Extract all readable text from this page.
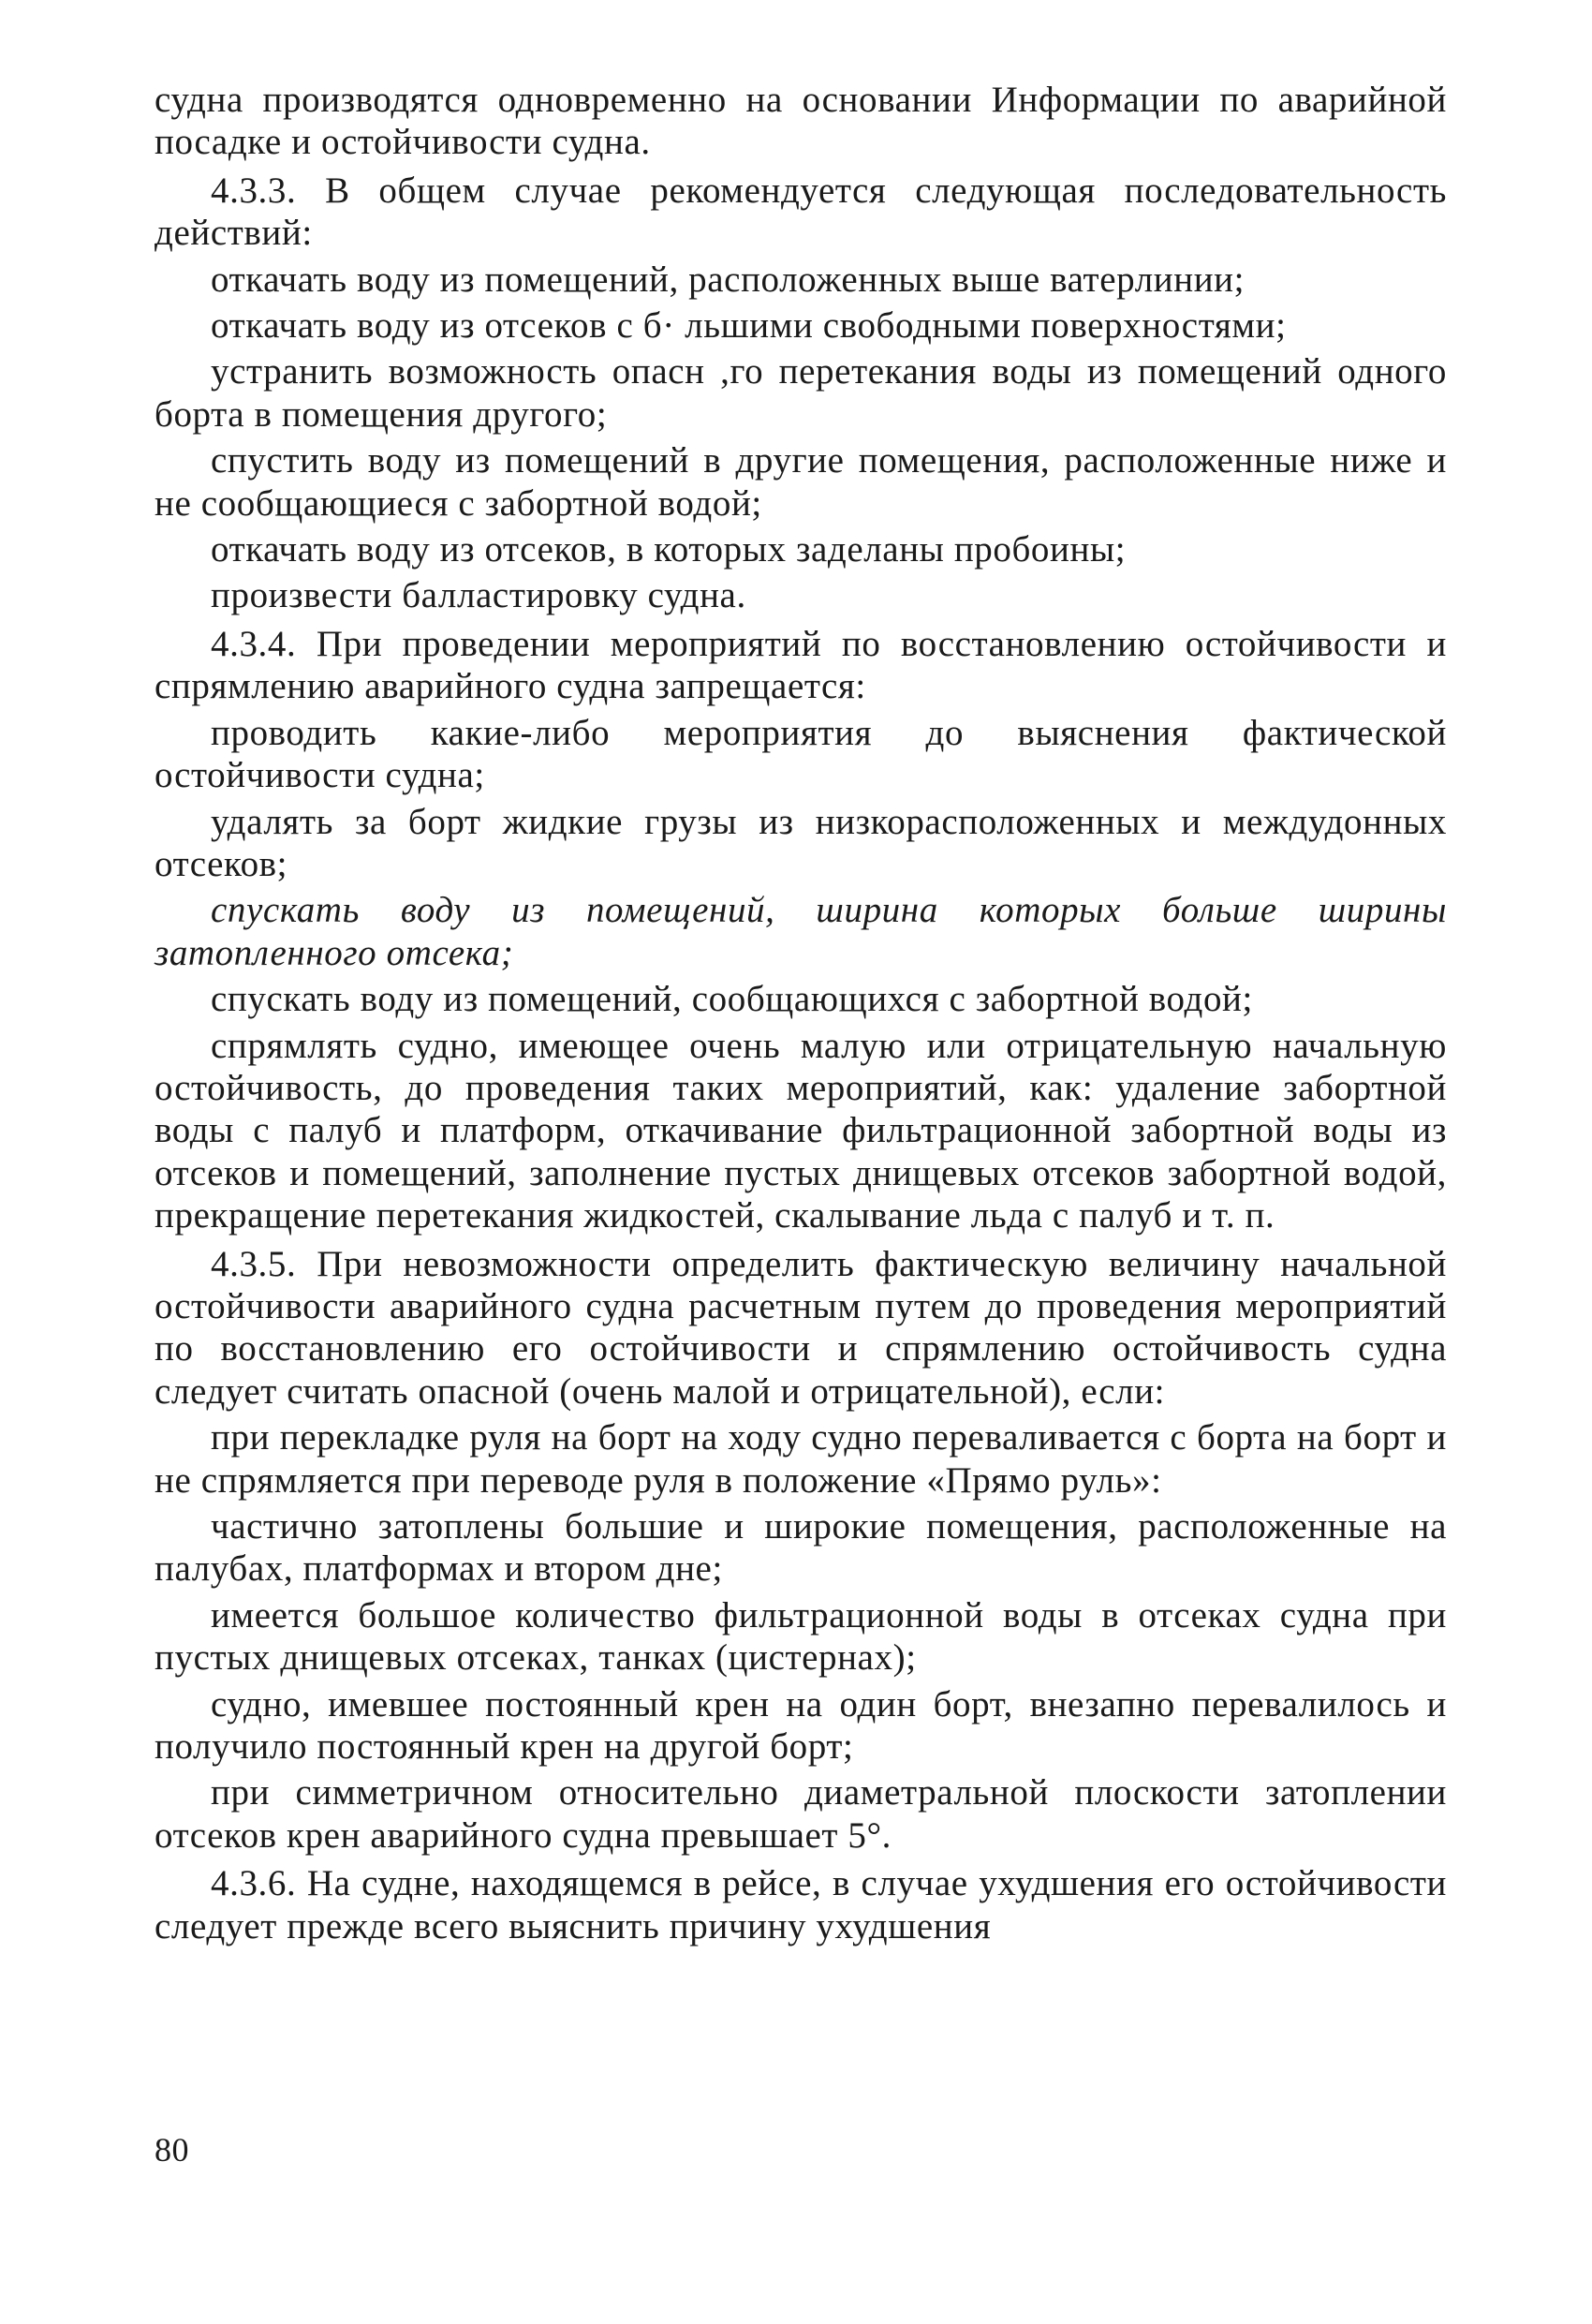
судна производятся одновременно на основании Информации по аварийной посадке и остойчивости судна.

4.3.3. В общем случае рекомендуется следующая последовательность действий:

откачать воду из помещений, расположенных выше ватерлинии;

откачать воду из отсеков с б· льшими свободными поверхностями;

устранить возможность опасн ,го перетекания воды из помещений одного борта в помещения другого;

спустить воду из помещений в другие помещения, расположенные ниже и не сообщающиеся с забортной водой;

откачать воду из отсеков, в которых заделаны пробоины;

произвести балластировку судна.

4.3.4. При проведении мероприятий по восстановлению остойчивости и спрямлению аварийного судна запрещается:

проводить какие-либо мероприятия до выяснения фактической остойчивости судна;

удалять за борт жидкие грузы из низкорасположенных и междудонных отсеков;

спускать воду из помещений, ширина которых больше ширины затопленного отсека;

спускать воду из помещений, сообщающихся с забортной водой;

спрямлять судно, имеющее очень малую или отрицательную начальную остойчивость, до проведения таких мероприятий, как: удаление забортной воды с палуб и платформ, откачивание фильтрационной забортной воды из отсеков и помещений, заполнение пустых днищевых отсеков забортной водой, прекращение перетекания жидкостей, скалывание льда с палуб и т. п.

4.3.5. При невозможности определить фактическую величину начальной остойчивости аварийного судна расчетным путем до проведения мероприятий по восстановлению его остойчивости и спрямлению остойчивость судна следует считать опасной (очень малой и отрицательной), если:

при перекладке руля на борт на ходу судно переваливается с борта на борт и не спрямляется при переводе руля в положение «Прямо руль»:

частично затоплены большие и широкие помещения, расположенные на палубах, платформах и втором дне;

имеется большое количество фильтрационной воды в отсеках судна при пустых днищевых отсеках, танках (цистернах);

судно, имевшее постоянный крен на один борт, внезапно перевалилось и получило постоянный крен на другой борт;

при симметричном относительно диаметральной плоскости затоплении отсеков крен аварийного судна превышает 5°.

4.3.6. На судне, находящемся в рейсе, в случае ухудшения его остойчивости следует прежде всего выяснить причину ухудшения

80
